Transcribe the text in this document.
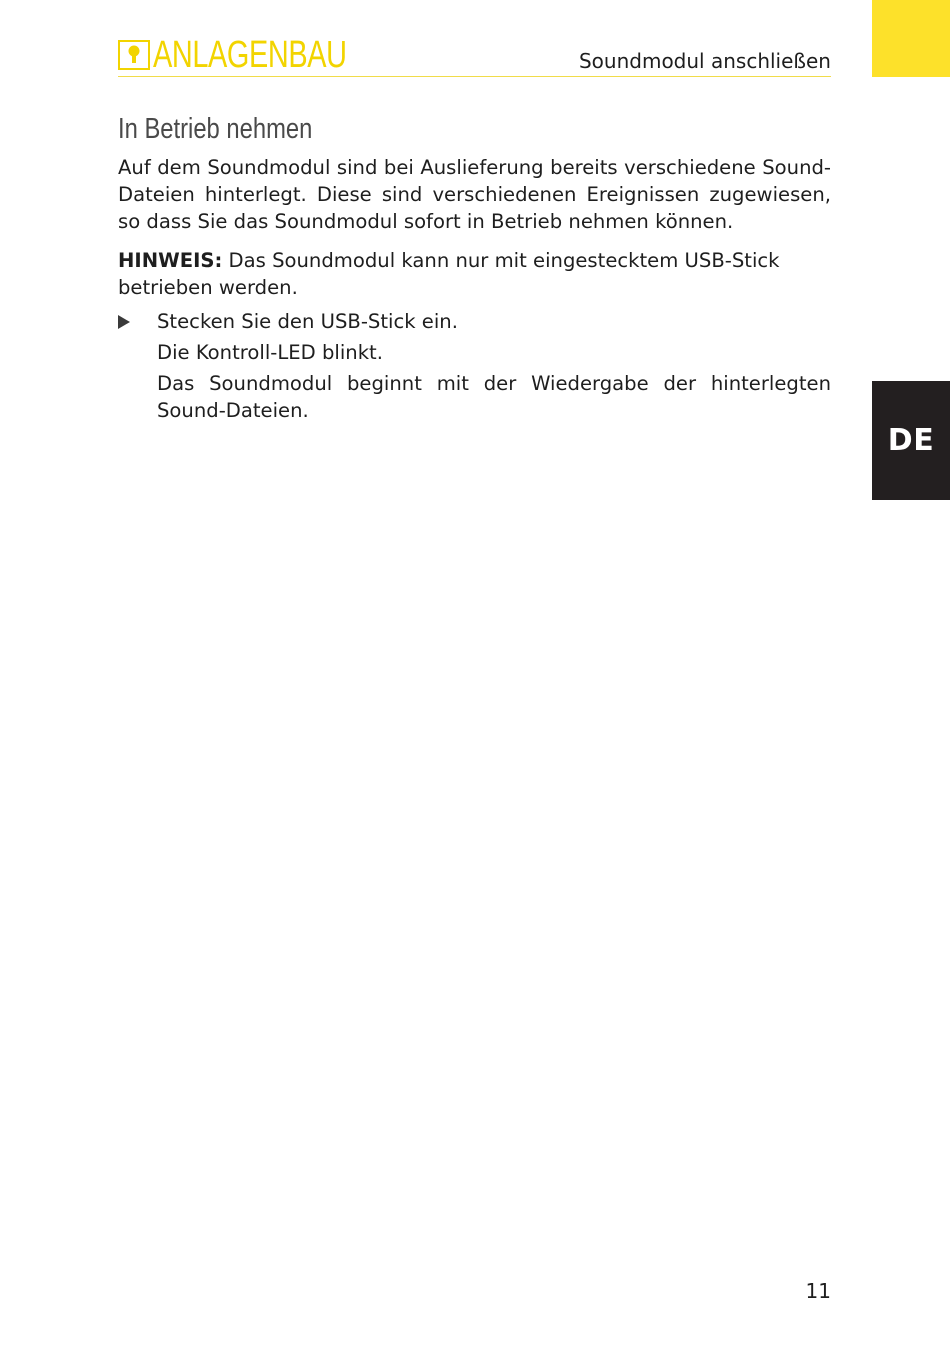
DE
ANLAGENBAU	Soundmodul anschließen
In Betrieb nehmen

Auf dem Soundmodul sind bei Auslieferung bereits verschiedene Sound-Dateien hinterlegt. Diese sind verschiedenen Ereignissen zugewiesen, so dass Sie das Soundmodul sofort in Betrieb nehmen können.

HINWEIS: Das Soundmodul kann nur mit eingestecktem USB-Stick betrieben werden.

Stecken Sie den USB-Stick ein.

Die Kontroll-LED blinkt.

Das Soundmodul beginnt mit der Wiedergabe der hinterlegten Sound-Dateien.

11
